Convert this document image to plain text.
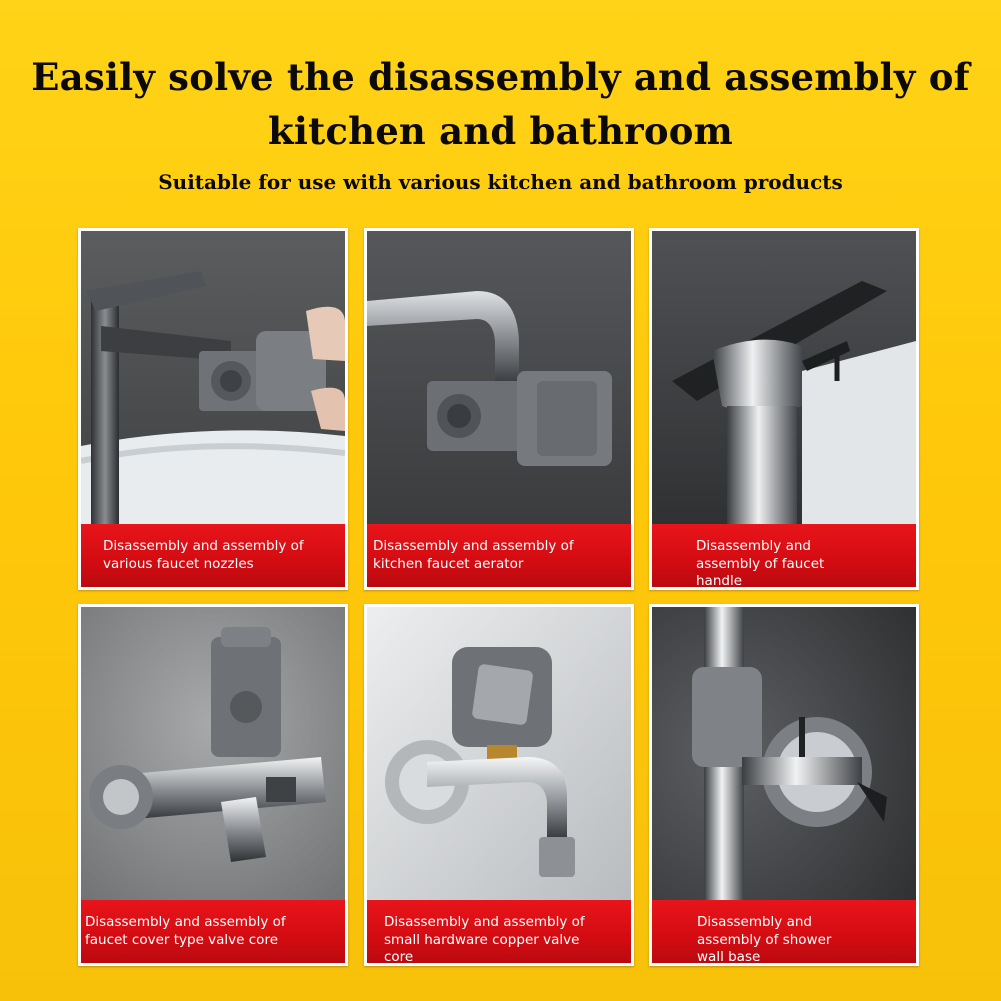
Easily solve the disassembly and assembly of kitchen and bathroom
Suitable for use with various kitchen and bathroom products
Disassembly and assembly of
various faucet nozzles
Disassembly and assembly of
kitchen faucet aerator
Disassembly and
assembly of faucet
handle
Disassembly and assembly of
faucet cover type valve core
Disassembly and assembly of
small hardware copper valve
core
Disassembly and
assembly of shower
wall base
